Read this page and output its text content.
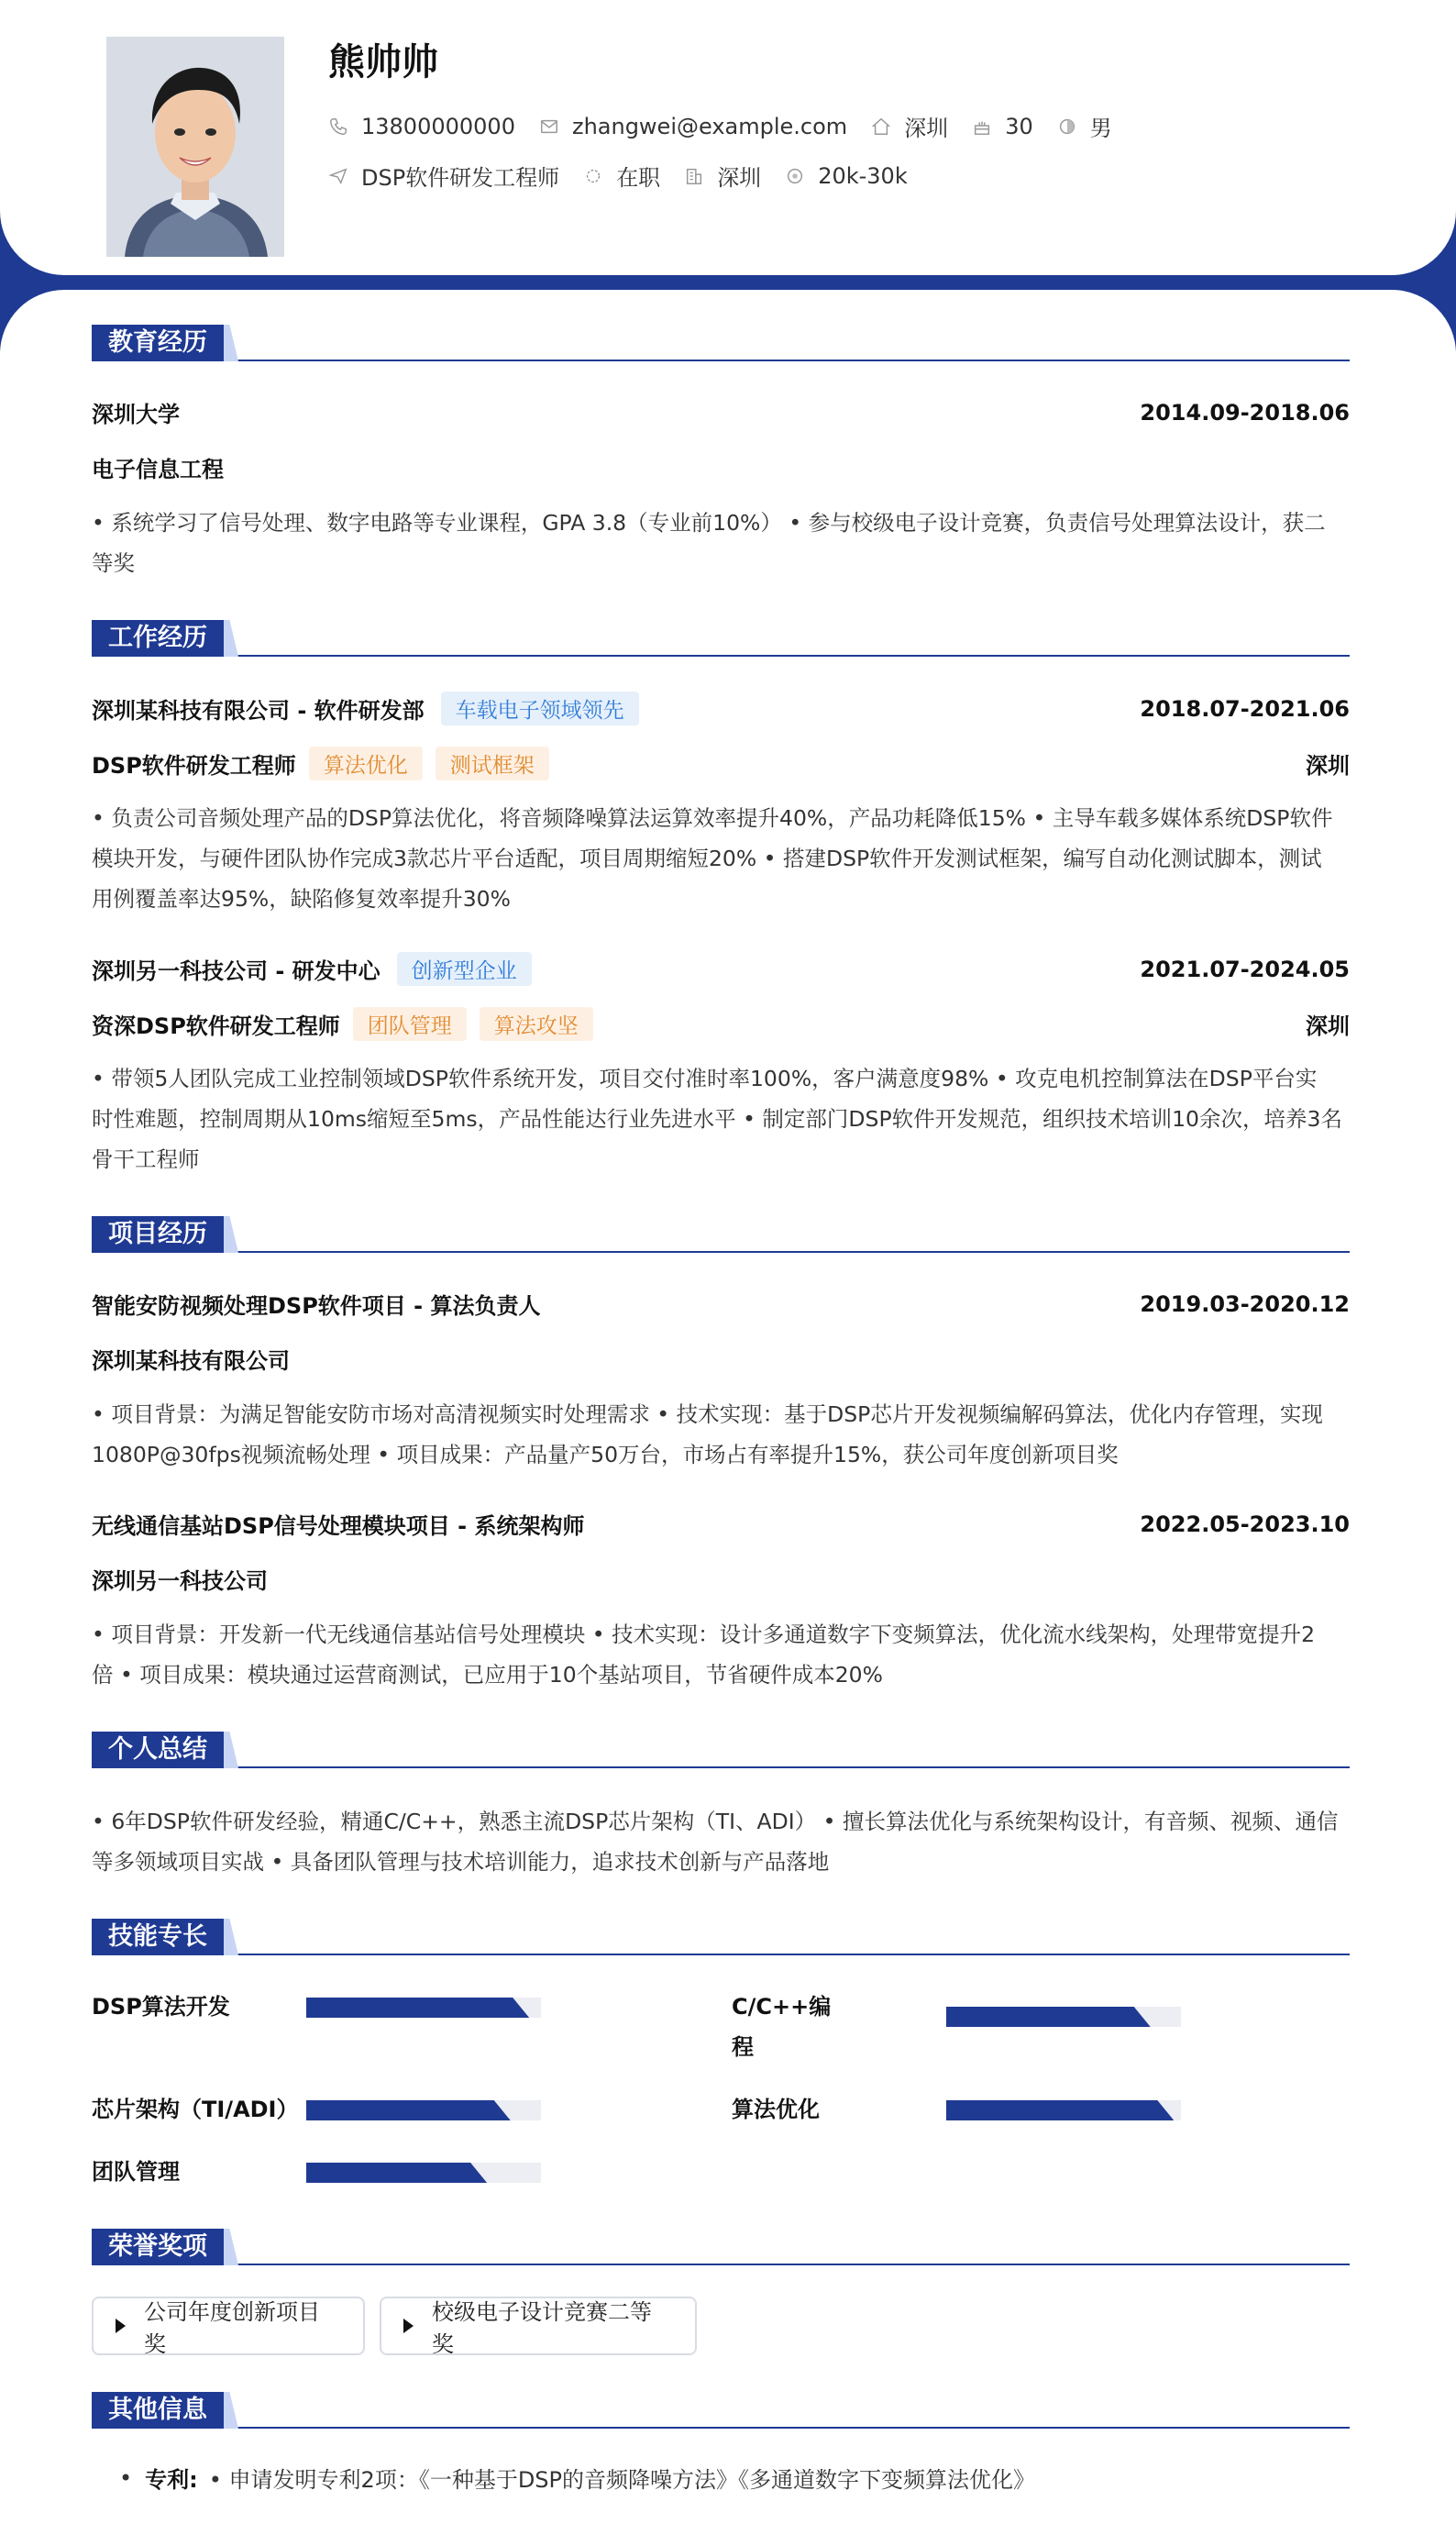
熊帅帅
13800000000	zhangwei@example.com	深圳	30	男
DSP软件研发工程师	在职	深圳	20k-30k
教育经历
深圳大学	2014.09-2018.06
电子信息工程
• 系统学习了信号处理、数字电路等专业课程，GPA 3.8（专业前10%） • 参与校级电子设计竞赛，负责信号处理算法设计，获二
等奖
工作经历
深圳某科技有限公司 - 软件研发部	车载电子领域领先	2018.07-2021.06
DSP软件研发工程师	算法优化	测试框架	深圳
• 负责公司音频处理产品的DSP算法优化，将音频降噪算法运算效率提升40%，产品功耗降低15% • 主导车载多媒体系统DSP软件
模块开发，与硬件团队协作完成3款芯片平台适配，项目周期缩短20% • 搭建DSP软件开发测试框架，编写自动化测试脚本，测试
用例覆盖率达95%，缺陷修复效率提升30%
深圳另一科技公司 - 研发中心	创新型企业	2021.07-2024.05
资深DSP软件研发工程师	团队管理	算法攻坚	深圳
• 带领5人团队完成工业控制领域DSP软件系统开发，项目交付准时率100%，客户满意度98% • 攻克电机控制算法在DSP平台实
时性难题，控制周期从10ms缩短至5ms，产品性能达行业先进水平 • 制定部门DSP软件开发规范，组织技术培训10余次，培养3名
骨干工程师
项目经历
智能安防视频处理DSP软件项目 - 算法负责人	2019.03-2020.12
深圳某科技有限公司
• 项目背景：为满足智能安防市场对高清视频实时处理需求 • 技术实现：基于DSP芯片开发视频编解码算法，优化内存管理，实现
1080P@30fps视频流畅处理 • 项目成果：产品量产50万台，市场占有率提升15%，获公司年度创新项目奖
无线通信基站DSP信号处理模块项目 - 系统架构师	2022.05-2023.10
深圳另一科技公司
• 项目背景：开发新一代无线通信基站信号处理模块 • 技术实现：设计多通道数字下变频算法，优化流水线架构，处理带宽提升2
倍 • 项目成果：模块通过运营商测试，已应用于10个基站项目，节省硬件成本20%
个人总结
• 6年DSP软件研发经验，精通C/C++，熟悉主流DSP芯片架构（TI、ADI） • 擅长算法优化与系统架构设计，有音频、视频、通信
等多领域项目实战 • 具备团队管理与技术培训能力，追求技术创新与产品落地
技能专长
DSP算法开发	C/C++编
程
芯片架构（TI/ADI）	算法优化
团队管理
荣誉奖项
公司年度创新项目奖
校级电子设计竞赛二等奖
其他信息
• 专利: • 申请发明专利2项：《一种基于DSP的音频降噪方法》《多通道数字下变频算法优化》
